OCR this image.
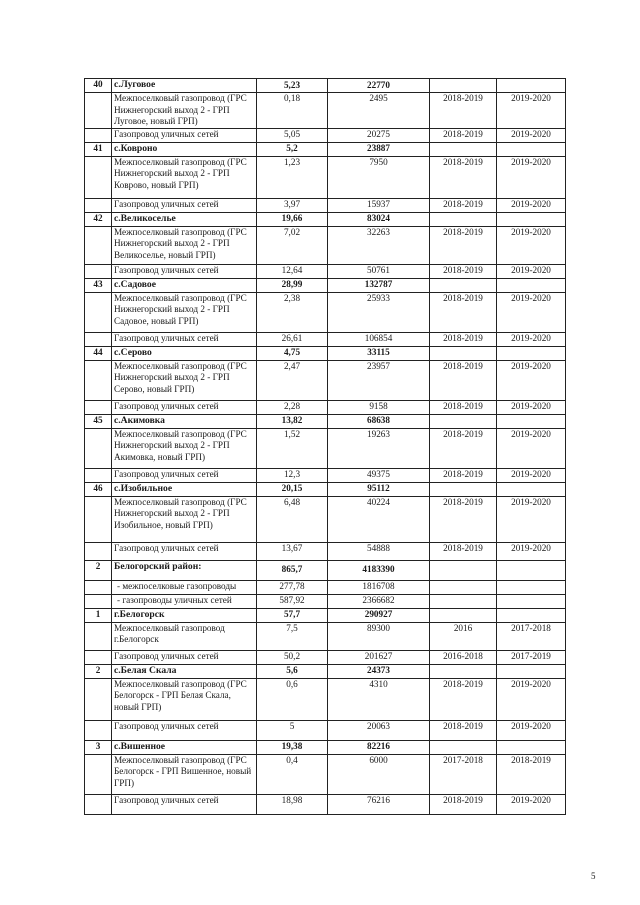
40	с.Луговое	5,23	22770		
	Межпоселковый газопровод (ГРС Нижнегорский выход 2 - ГРП Луговое, новый ГРП)	0,18	2495	2018-2019	2019-2020
	Газопровод уличных сетей	5,05	20275	2018-2019	2019-2020
41	с.Ковроно	5,2	23887		
	Межпоселковый газопровод (ГРС Нижнегорский выход 2 - ГРП Коврово, новый ГРП)	1,23	7950	2018-2019	2019-2020
	Газопровод уличных сетей	3,97	15937	2018-2019	2019-2020
42	с.Великоселье	19,66	83024		
	Межпоселковый газопровод (ГРС Нижнегорский выход 2 - ГРП Великоселье, новый ГРП)	7,02	32263	2018-2019	2019-2020
	Газопровод уличных сетей	12,64	50761	2018-2019	2019-2020
43	с.Садовое	28,99	132787		
	Межпоселковый газопровод (ГРС Нижнегорский выход 2 - ГРП Садовое, новый ГРП)	2,38	25933	2018-2019	2019-2020
	Газопровод уличных сетей	26,61	106854	2018-2019	2019-2020
44	с.Серово	4,75	33115		
	Межпоселковый газопровод (ГРС Нижнегорский выход 2 - ГРП Серово, новый ГРП)	2,47	23957	2018-2019	2019-2020
	Газопровод уличных сетей	2,28	9158	2018-2019	2019-2020
45	с.Акимовка	13,82	68638		
	Межпоселковый газопровод (ГРС Нижнегорский выход 2 - ГРП Акимовка, новый ГРП)	1,52	19263	2018-2019	2019-2020
	Газопровод уличных сетей	12,3	49375	2018-2019	2019-2020
46	с.Изобильное	20,15	95112		
	Межпоселковый газопровод (ГРС Нижнегорский выход 2 - ГРП Изобильное, новый ГРП)	6,48	40224	2018-2019	2019-2020
	Газопровод уличных сетей	13,67	54888	2018-2019	2019-2020
2	Белогорский район:	865,7	4183390		
	- межпоселковые газопроводы	277,78	1816708		
	- газопроводы уличных сетей	587,92	2366682		
1	г.Белогорск	57,7	290927		
	Межпоселковый газопровод г.Белогорск	7,5	89300	2016	2017-2018
	Газопровод уличных сетей	50,2	201627	2016-2018	2017-2019
2	с.Белая Скала	5,6	24373		
	Межпоселковый газопровод (ГРС Белогорск - ГРП Белая Скала, новый ГРП)	0,6	4310	2018-2019	2019-2020
	Газопровод уличных сетей	5	20063	2018-2019	2019-2020
3	с.Вишенное	19,38	82216		
	Межпоселковый газопровод (ГРС Белогорск - ГРП Вишенное, новый ГРП)	0,4	6000	2017-2018	2018-2019
	Газопровод уличных сетей	18,98	76216	2018-2019	2019-2020
5
